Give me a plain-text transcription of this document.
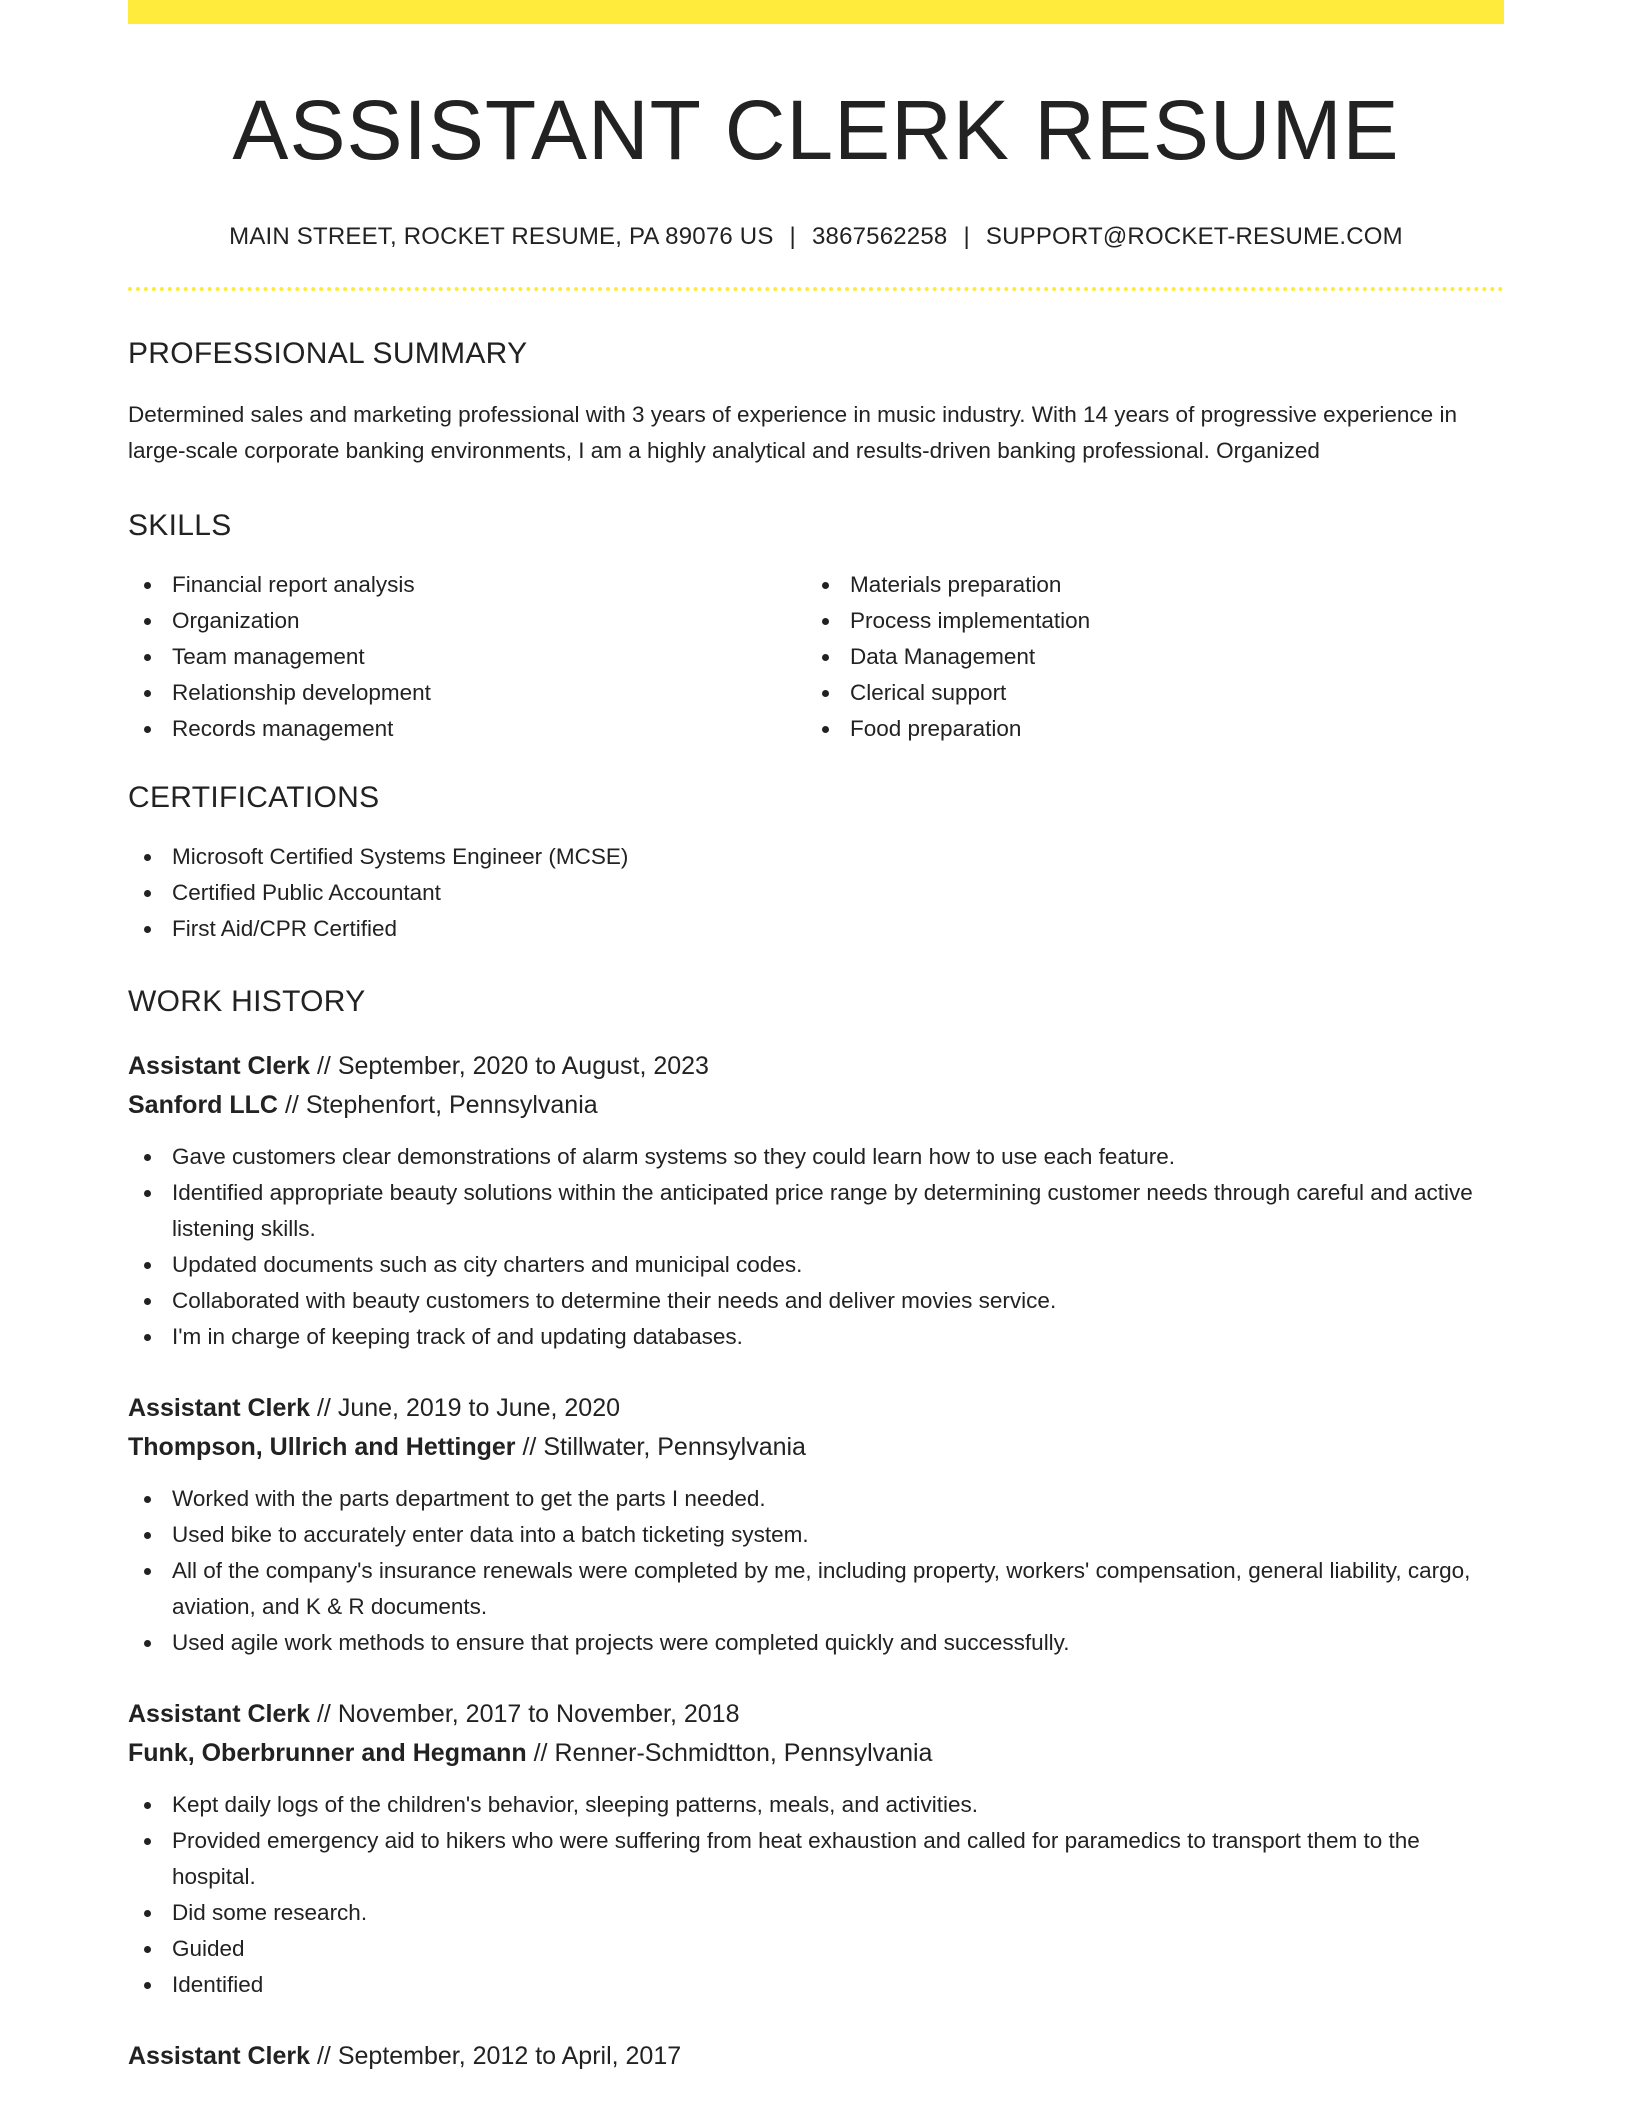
ASSISTANT CLERK RESUME
MAIN STREET, ROCKET RESUME, PA 89076 US | 3867562258 | SUPPORT@ROCKET-RESUME.COM
PROFESSIONAL SUMMARY

Determined sales and marketing professional with 3 years of experience in music industry. With 14 years of progressive experience in large-scale corporate banking environments, I am a highly analytical and results-driven banking professional. Organized

SKILLS
Financial report analysis
Organization
Team management
Relationship development
Records management
Materials preparation
Process implementation
Data Management
Clerical support
Food preparation
CERTIFICATIONS
Microsoft Certified Systems Engineer (MCSE)
Certified Public Accountant
First Aid/CPR Certified
WORK HISTORY
Assistant Clerk // September, 2020 to August, 2023
Sanford LLC // Stephenfort, Pennsylvania
Gave customers clear demonstrations of alarm systems so they could learn how to use each feature.
Identified appropriate beauty solutions within the anticipated price range by determining customer needs through careful and active listening skills.
Updated documents such as city charters and municipal codes.
Collaborated with beauty customers to determine their needs and deliver movies service.
I'm in charge of keeping track of and updating databases.
Assistant Clerk // June, 2019 to June, 2020
Thompson, Ullrich and Hettinger // Stillwater, Pennsylvania
Worked with the parts department to get the parts I needed.
Used bike to accurately enter data into a batch ticketing system.
All of the company's insurance renewals were completed by me, including property, workers' compensation, general liability, cargo, aviation, and K & R documents.
Used agile work methods to ensure that projects were completed quickly and successfully.
Assistant Clerk // November, 2017 to November, 2018
Funk, Oberbrunner and Hegmann // Renner-Schmidtton, Pennsylvania
Kept daily logs of the children's behavior, sleeping patterns, meals, and activities.
Provided emergency aid to hikers who were suffering from heat exhaustion and called for paramedics to transport them to the hospital.
Did some research.
Guided
Identified
Assistant Clerk // September, 2012 to April, 2017
